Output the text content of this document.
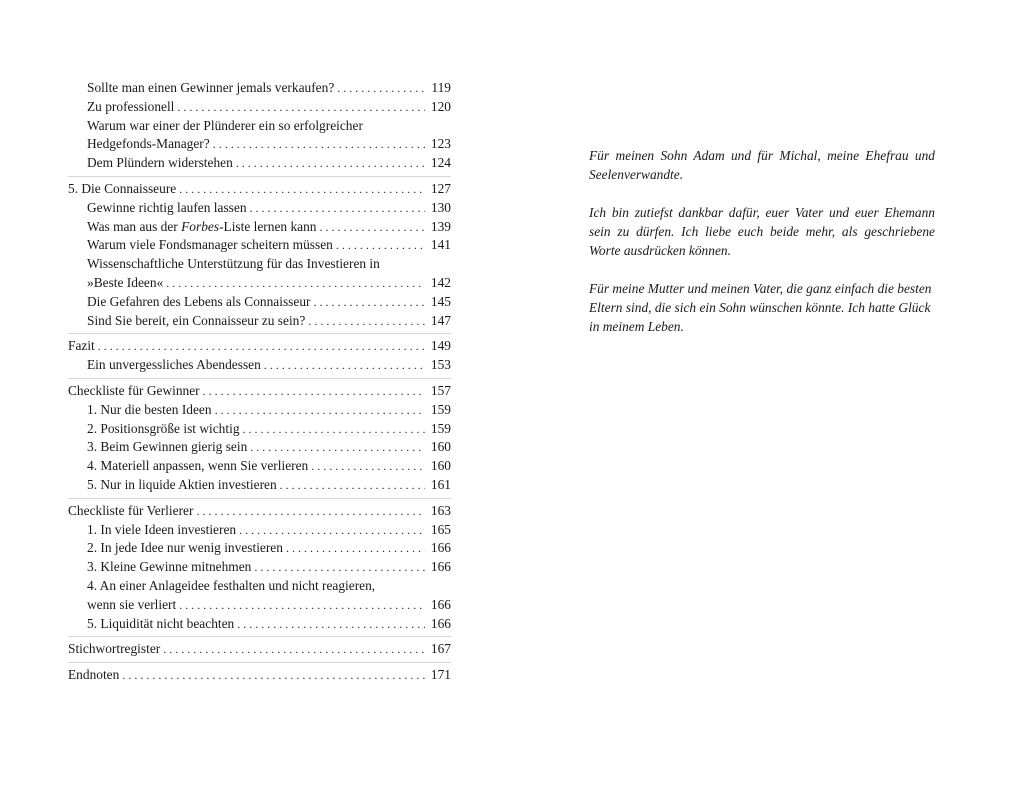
Sollte man einen Gewinner jemals verkaufen? . . .	119
Zu professionell . . .	120
Warum war einer der Plünderer ein so erfolgreicher
Hedgefonds-Manager? . . .	123
Dem Plündern widerstehen . . .	124
5. Die Connaisseure . . .	127
Gewinne richtig laufen lassen . . .	130
Was man aus der Forbes-Liste lernen kann . . .	139
Warum viele Fondsmanager scheitern müssen . . .	141
Wissenschaftliche Unterstützung für das Investieren in
»Beste Ideen« . . .	142
Die Gefahren des Lebens als Connaisseur . . .	145
Sind Sie bereit, ein Connaisseur zu sein? . . .	147
Fazit . . .	149
Ein unvergessliches Abendessen . . .	153
Checkliste für Gewinner . . .	157
1. Nur die besten Ideen . . .	159
2. Positionsgröße ist wichtig . . .	159
3. Beim Gewinnen gierig sein . . .	160
4. Materiell anpassen, wenn Sie verlieren . . .	160
5. Nur in liquide Aktien investieren . . .	161
Checkliste für Verlierer . . .	163
1. In viele Ideen investieren . . .	165
2. In jede Idee nur wenig investieren . . .	166
3. Kleine Gewinne mitnehmen . . .	166
4. An einer Anlageidee festhalten und nicht reagieren,
wenn sie verliert . . .	166
5. Liquidität nicht beachten . . .	166
Stichwortregister . . .	167
Endnoten . . .	171

Für meinen Sohn Adam und für Michal, meine Ehefrau und Seelenverwandte.

Ich bin zutiefst dankbar dafür, euer Vater und euer Ehemann sein zu dürfen. Ich liebe euch beide mehr, als geschriebene Worte ausdrücken können.

Für meine Mutter und meinen Vater, die ganz einfach die besten Eltern sind, die sich ein Sohn wünschen könnte. Ich hatte Glück in meinem Leben.
